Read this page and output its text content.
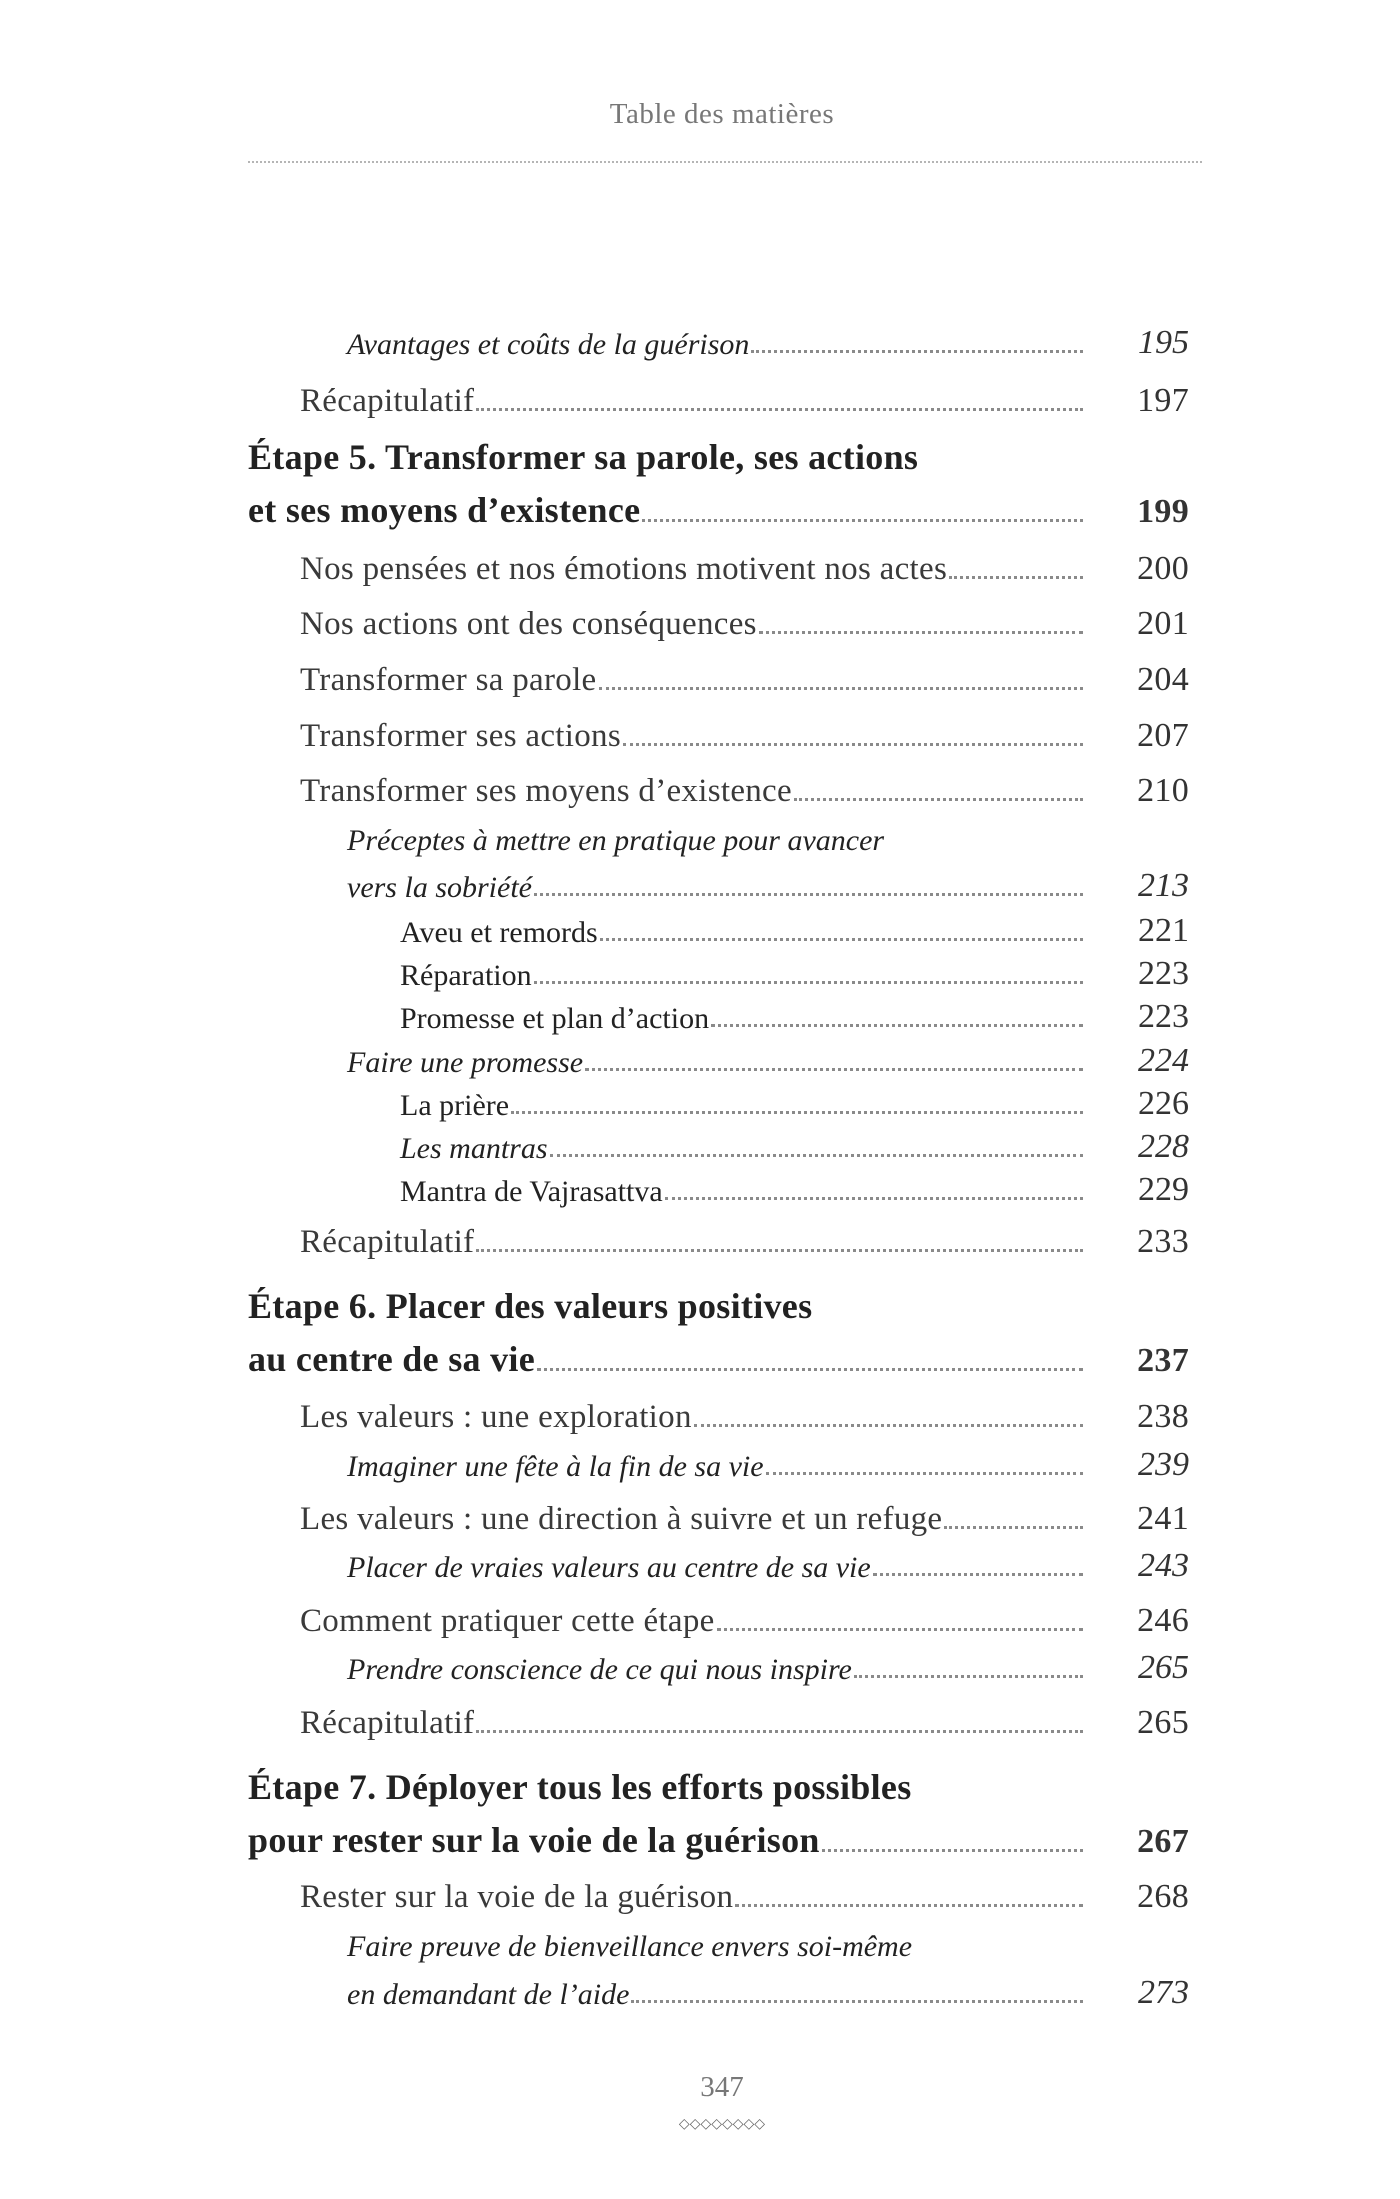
Table des matières
Avantages et coûts de la guérison	195
Récapitulatif	197
Étape 5. Transformer sa parole, ses actions
et ses moyens d’existence	199
Nos pensées et nos émotions motivent nos actes	200
Nos actions ont des conséquences	201
Transformer sa parole	204
Transformer ses actions	207
Transformer ses moyens d’existence	210
Préceptes à mettre en pratique pour avancer
vers la sobriété	213
Aveu et remords	221
Réparation	223
Promesse et plan d’action	223
Faire une promesse	224
La prière	226
Les mantras	228
Mantra de Vajrasattva	229
Récapitulatif	233
Étape 6. Placer des valeurs positives
au centre de sa vie	237
Les valeurs : une exploration	238
Imaginer une fête à la fin de sa vie	239
Les valeurs : une direction à suivre et un refuge	241
Placer de vraies valeurs au centre de sa vie	243
Comment pratiquer cette étape	246
Prendre conscience de ce qui nous inspire	265
Récapitulatif	265
Étape 7. Déployer tous les efforts possibles
pour rester sur la voie de la guérison	267
Rester sur la voie de la guérison	268
Faire preuve de bienveillance envers soi-même
en demandant de l’aide	273
347
◇◇◇◇◇◇◇◇
